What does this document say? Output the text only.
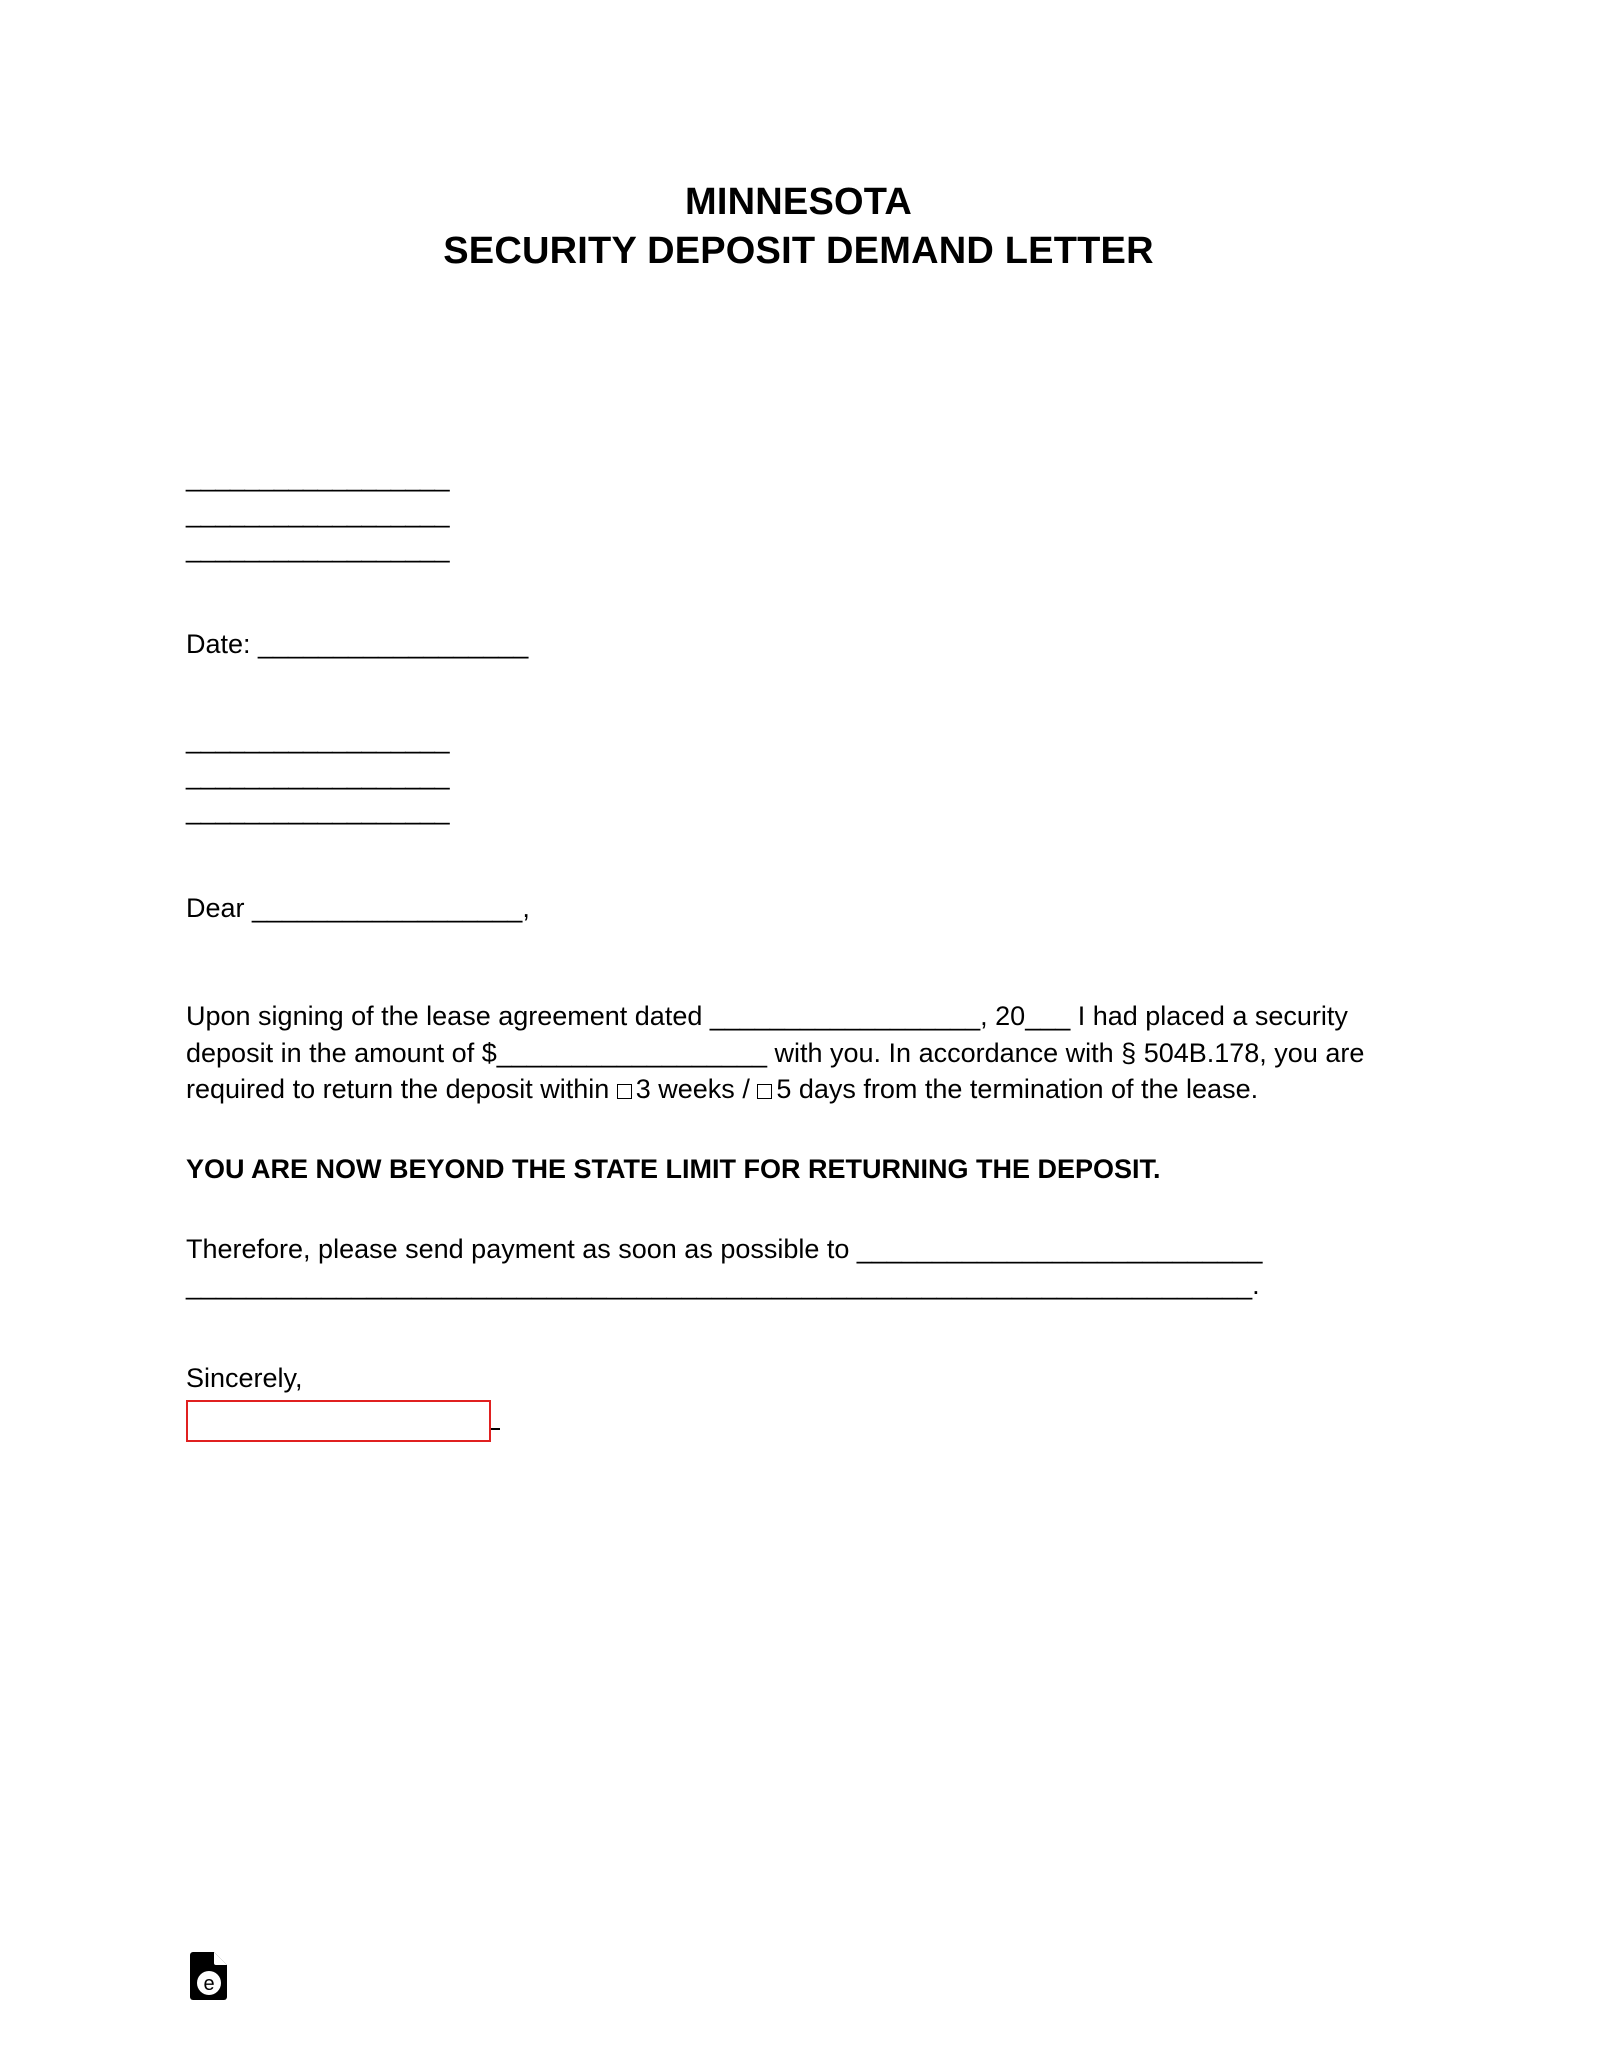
MINNESOTA
SECURITY DEPOSIT DEMAND LETTER
__________________
__________________
__________________
Date: __________________
__________________
__________________
__________________
Dear __________________,
Upon signing of the lease agreement dated __________________, 20___ I had placed a security deposit in the amount of $__________________ with you. In accordance with § 504B.178, you are required to return the deposit within 3 weeks / 5 days from the termination of the lease.
YOU ARE NOW BEYOND THE STATE LIMIT FOR RETURNING THE DEPOSIT.
Therefore, please send payment as soon as possible to ___________________________ _______________________________________________________________________.
Sincerely,
e
